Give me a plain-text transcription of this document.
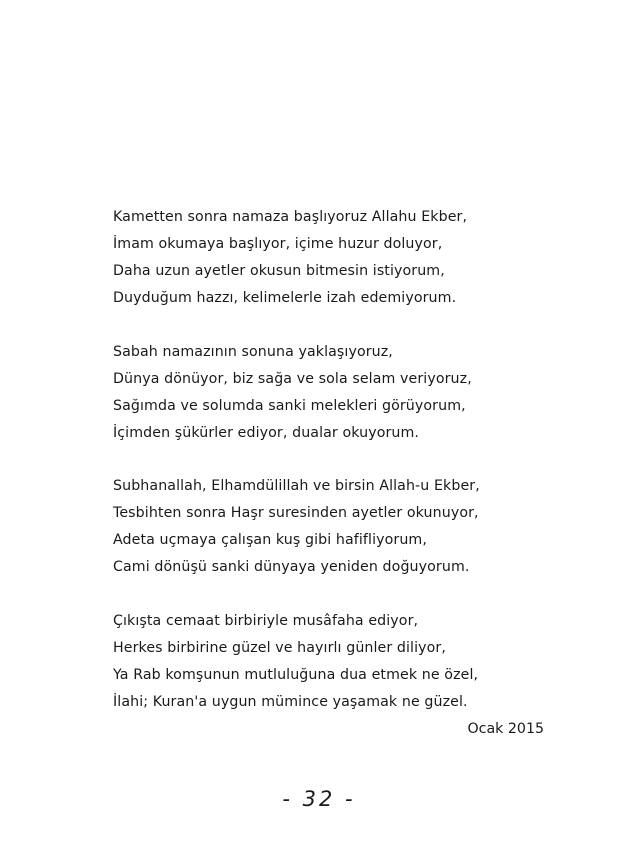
Kametten sonra namaza başlıyoruz Allahu Ekber,
İmam okumaya başlıyor, içime huzur doluyor,
Daha uzun ayetler okusun bitmesin istiyorum,
Duyduğum hazzı, kelimelerle izah edemiyorum.
Sabah namazının sonuna yaklaşıyoruz,
Dünya dönüyor, biz sağa ve sola selam veriyoruz,
Sağımda ve solumda sanki melekleri görüyorum,
İçimden şükürler ediyor, dualar okuyorum.
Subhanallah, Elhamdülillah ve birsin Allah-u Ekber,
Tesbihten sonra Haşr suresinden ayetler okunuyor,
Adeta uçmaya çalışan kuş gibi hafifliyorum,
Cami dönüşü sanki dünyaya yeniden doğuyorum.
Çıkışta cemaat birbiriyle musâfaha ediyor,
Herkes birbirine güzel ve hayırlı günler diliyor,
Ya Rab komşunun mutluluğuna dua etmek ne özel,
İlahi; Kuran'a uygun mümince yaşamak ne güzel.
Ocak 2015
- 32 -
